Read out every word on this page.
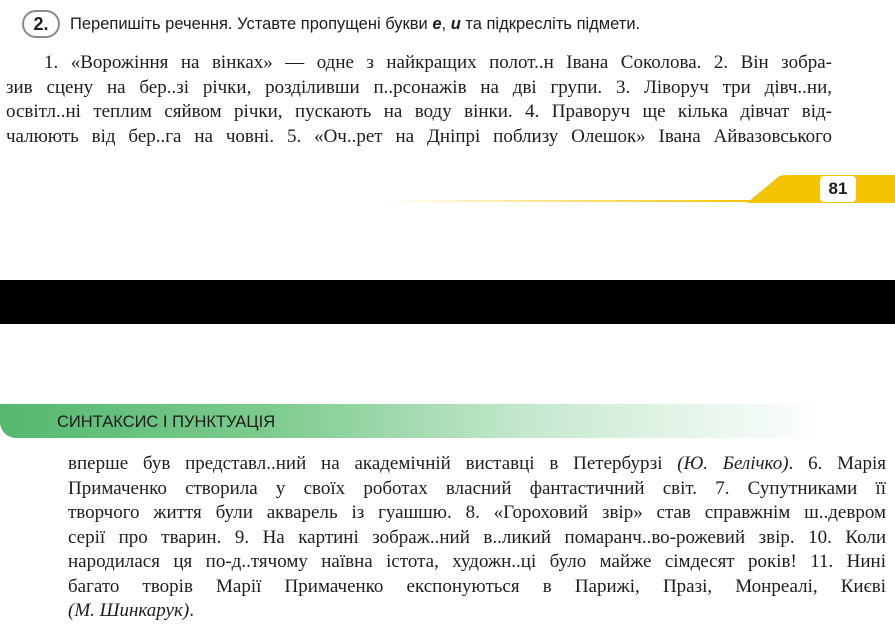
2 . Перепишіть речення. Уставте пропущені букви е, и та підкресліть підмети.
1. «Ворожіння на вінках» — одне з найкращих полот..н Івана Соколова. 2. Він зобра-
зив сцену на бер..зі річки, розділивши п..рсонажів на дві групи. 3. Ліворуч три дівч..ни,
освітл..ні теплим сяйвом річки, пускають на воду вінки. 4. Праворуч ще кілька дівчат від-
чалюють від бер..га на човні. 5. «Оч..рет на Дніпрі поблизу Олешок» Івана Айвазовського
81
СИНТАКСИС І ПУНКТУАЦІЯ
вперше був представл..ний на академічній виставці в Петербурзі (Ю. Белічко). 6. Марія
Примаченко створила у своїх роботах власний фантастичний світ. 7. Супутниками її
творчого життя були акварель із гуашшю. 8. «Гороховий звір» став справжнім ш..девром
серії про тварин. 9. На картині зображ..ний в..ликий помаранч..во-рожевий звір. 10. Коли
народилася ця по-д..тячому наївна істота, художн..ці було майже сімдесят років! 11. Нині
багато творів Марії Примаченко експонуються в Парижі, Празі, Монреалі, Києві
(М. Шинкарук).
